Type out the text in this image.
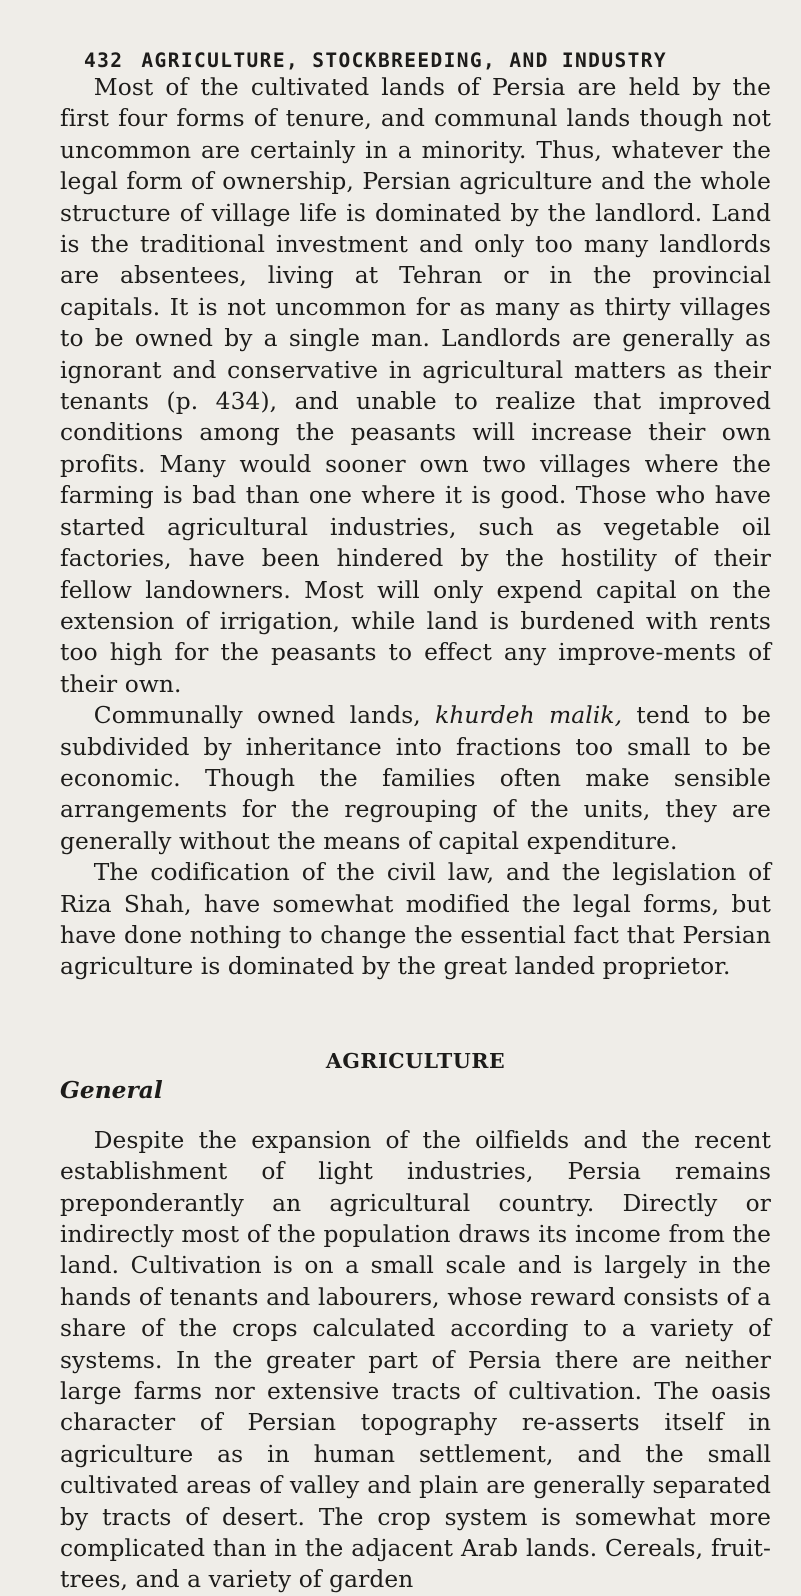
432 AGRICULTURE, STOCKBREEDING, AND INDUSTRY

Most of the cultivated lands of Persia are held by the first four forms of tenure, and communal lands though not uncommon are certainly in a minority. Thus, whatever the legal form of ownership, Persian agriculture and the whole structure of village life is dominated by the landlord. Land is the traditional investment and only too many landlords are absentees, living at Tehran or in the provincial capitals. It is not uncommon for as many as thirty villages to be owned by a single man. Landlords are generally as ignorant and conservative in agricultural matters as their tenants (p. 434), and unable to realize that improved conditions among the peasants will increase their own profits. Many would sooner own two villages where the farming is bad than one where it is good. Those who have started agricultural industries, such as vegetable oil factories, have been hindered by the hostility of their fellow landowners. Most will only expend capital on the extension of irrigation, while land is burdened with rents too high for the peasants to effect any improve-ments of their own.

Communally owned lands, khurdeh malik, tend to be subdivided by inheritance into fractions too small to be economic. Though the families often make sensible arrangements for the regrouping of the units, they are generally without the means of capital expenditure.

The codification of the civil law, and the legislation of Riza Shah, have somewhat modified the legal forms, but have done nothing to change the essential fact that Persian agriculture is dominated by the great landed proprietor.

AGRICULTURE
General

Despite the expansion of the oilfields and the recent establishment of light industries, Persia remains preponderantly an agricultural country. Directly or indirectly most of the population draws its income from the land. Cultivation is on a small scale and is largely in the hands of tenants and labourers, whose reward consists of a share of the crops calculated according to a variety of systems. In the greater part of Persia there are neither large farms nor extensive tracts of cultivation. The oasis character of Persian topography re-asserts itself in agriculture as in human settlement, and the small cultivated areas of valley and plain are generally separated by tracts of desert. The crop system is somewhat more complicated than in the adjacent Arab lands. Cereals, fruit-trees, and a variety of garden
